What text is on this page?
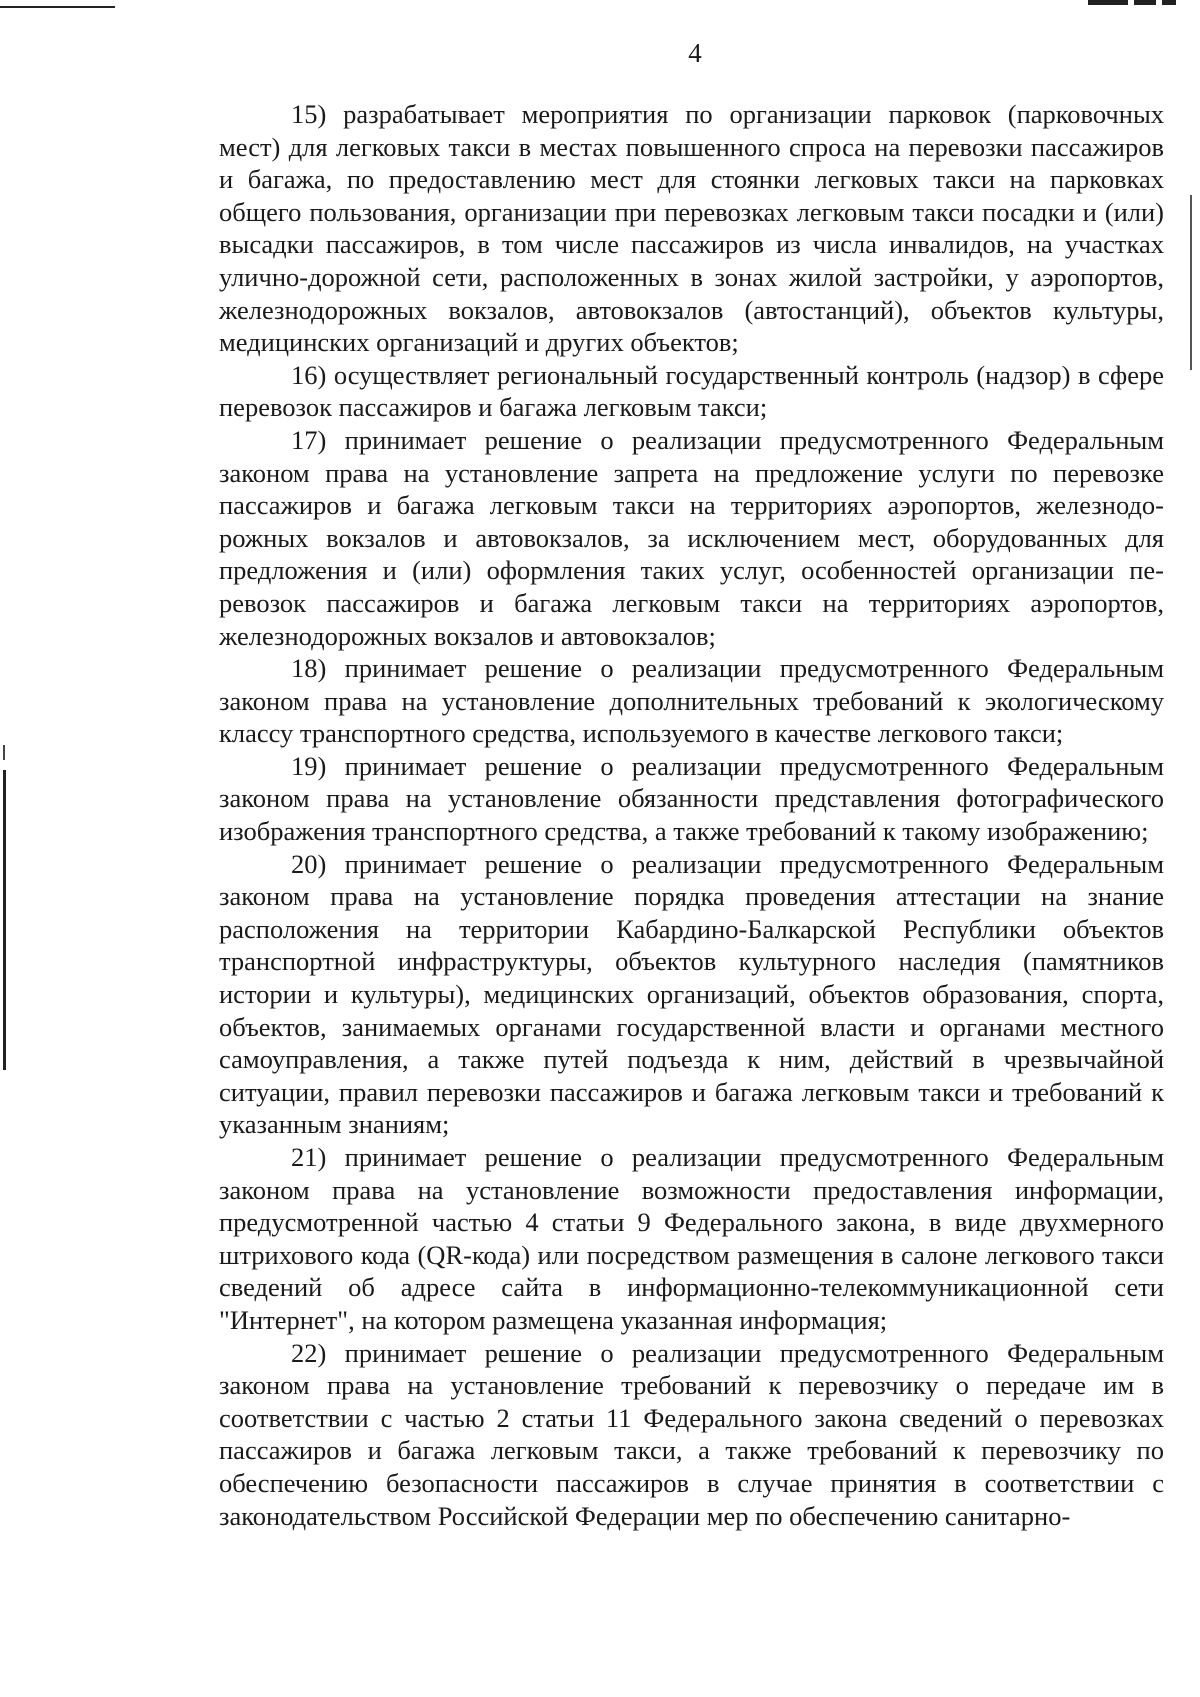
4

15) разрабатывает мероприятия по организации парковок (парковочных мест) для легковых такси в местах повышенного спроса на перевозки пассажиров и багажа, по предоставлению мест для стоянки легковых такси на парковках общего пользования, организации при перевозках легковым такси посадки и (или) высадки пассажиров, в том числе пассажиров из числа инвалидов, на участках улично-дорожной сети, расположенных в зонах жилой застройки, у аэропортов, железнодорожных вокзалов, автовокзалов (автостанций), объектов культуры, медицинских организаций и других объектов;

16) осуществляет региональный государственный контроль (надзор) в сфере перевозок пассажиров и багажа легковым такси;

17) принимает решение о реализации предусмотренного Федеральным законом права на установление запрета на предложение услуги по перевозке пассажиров и багажа легковым такси на территориях аэропортов, железнодорожных вокзалов и автовокзалов, за исключением мест, оборудованных для предложения и (или) оформления таких услуг, особенностей организации перевозок пассажиров и багажа легковым такси на территориях аэропортов, железнодорожных вокзалов и автовокзалов;

18) принимает решение о реализации предусмотренного Федеральным законом права на установление дополнительных требований к экологическому классу транспортного средства, используемого в качестве легкового такси;

19) принимает решение о реализации предусмотренного Федеральным законом права на установление обязанности представления фотографического изображения транспортного средства, а также требований к такому изображению;

20) принимает решение о реализации предусмотренного Федеральным законом права на установление порядка проведения аттестации на знание расположения на территории Кабардино-Балкарской Республики объектов транспортной инфраструктуры, объектов культурного наследия (памятников истории и культуры), медицинских организаций, объектов образования, спорта, объектов, занимаемых органами государственной власти и органами местного самоуправления, а также путей подъезда к ним, действий в чрезвычайной ситуации, правил перевозки пассажиров и багажа легковым такси и требований к указанным знаниям;

21) принимает решение о реализации предусмотренного Федеральным законом права на установление возможности предоставления информации, предусмотренной частью 4 статьи 9 Федерального закона, в виде двухмерного штрихового кода (QR-кода) или посредством размещения в салоне легкового такси сведений об адресе сайта в информационно-телекоммуникационной сети "Интернет", на котором размещена указанная информация;

22) принимает решение о реализации предусмотренного Федеральным законом права на установление требований к перевозчику о передаче им в соответствии с частью 2 статьи 11 Федерального закона сведений о перевозках пассажиров и багажа легковым такси, а также требований к перевозчику по обеспечению безопасности пассажиров в случае принятия в соответствии с законодательством Российской Федерации мер по обеспечению санитарно-
